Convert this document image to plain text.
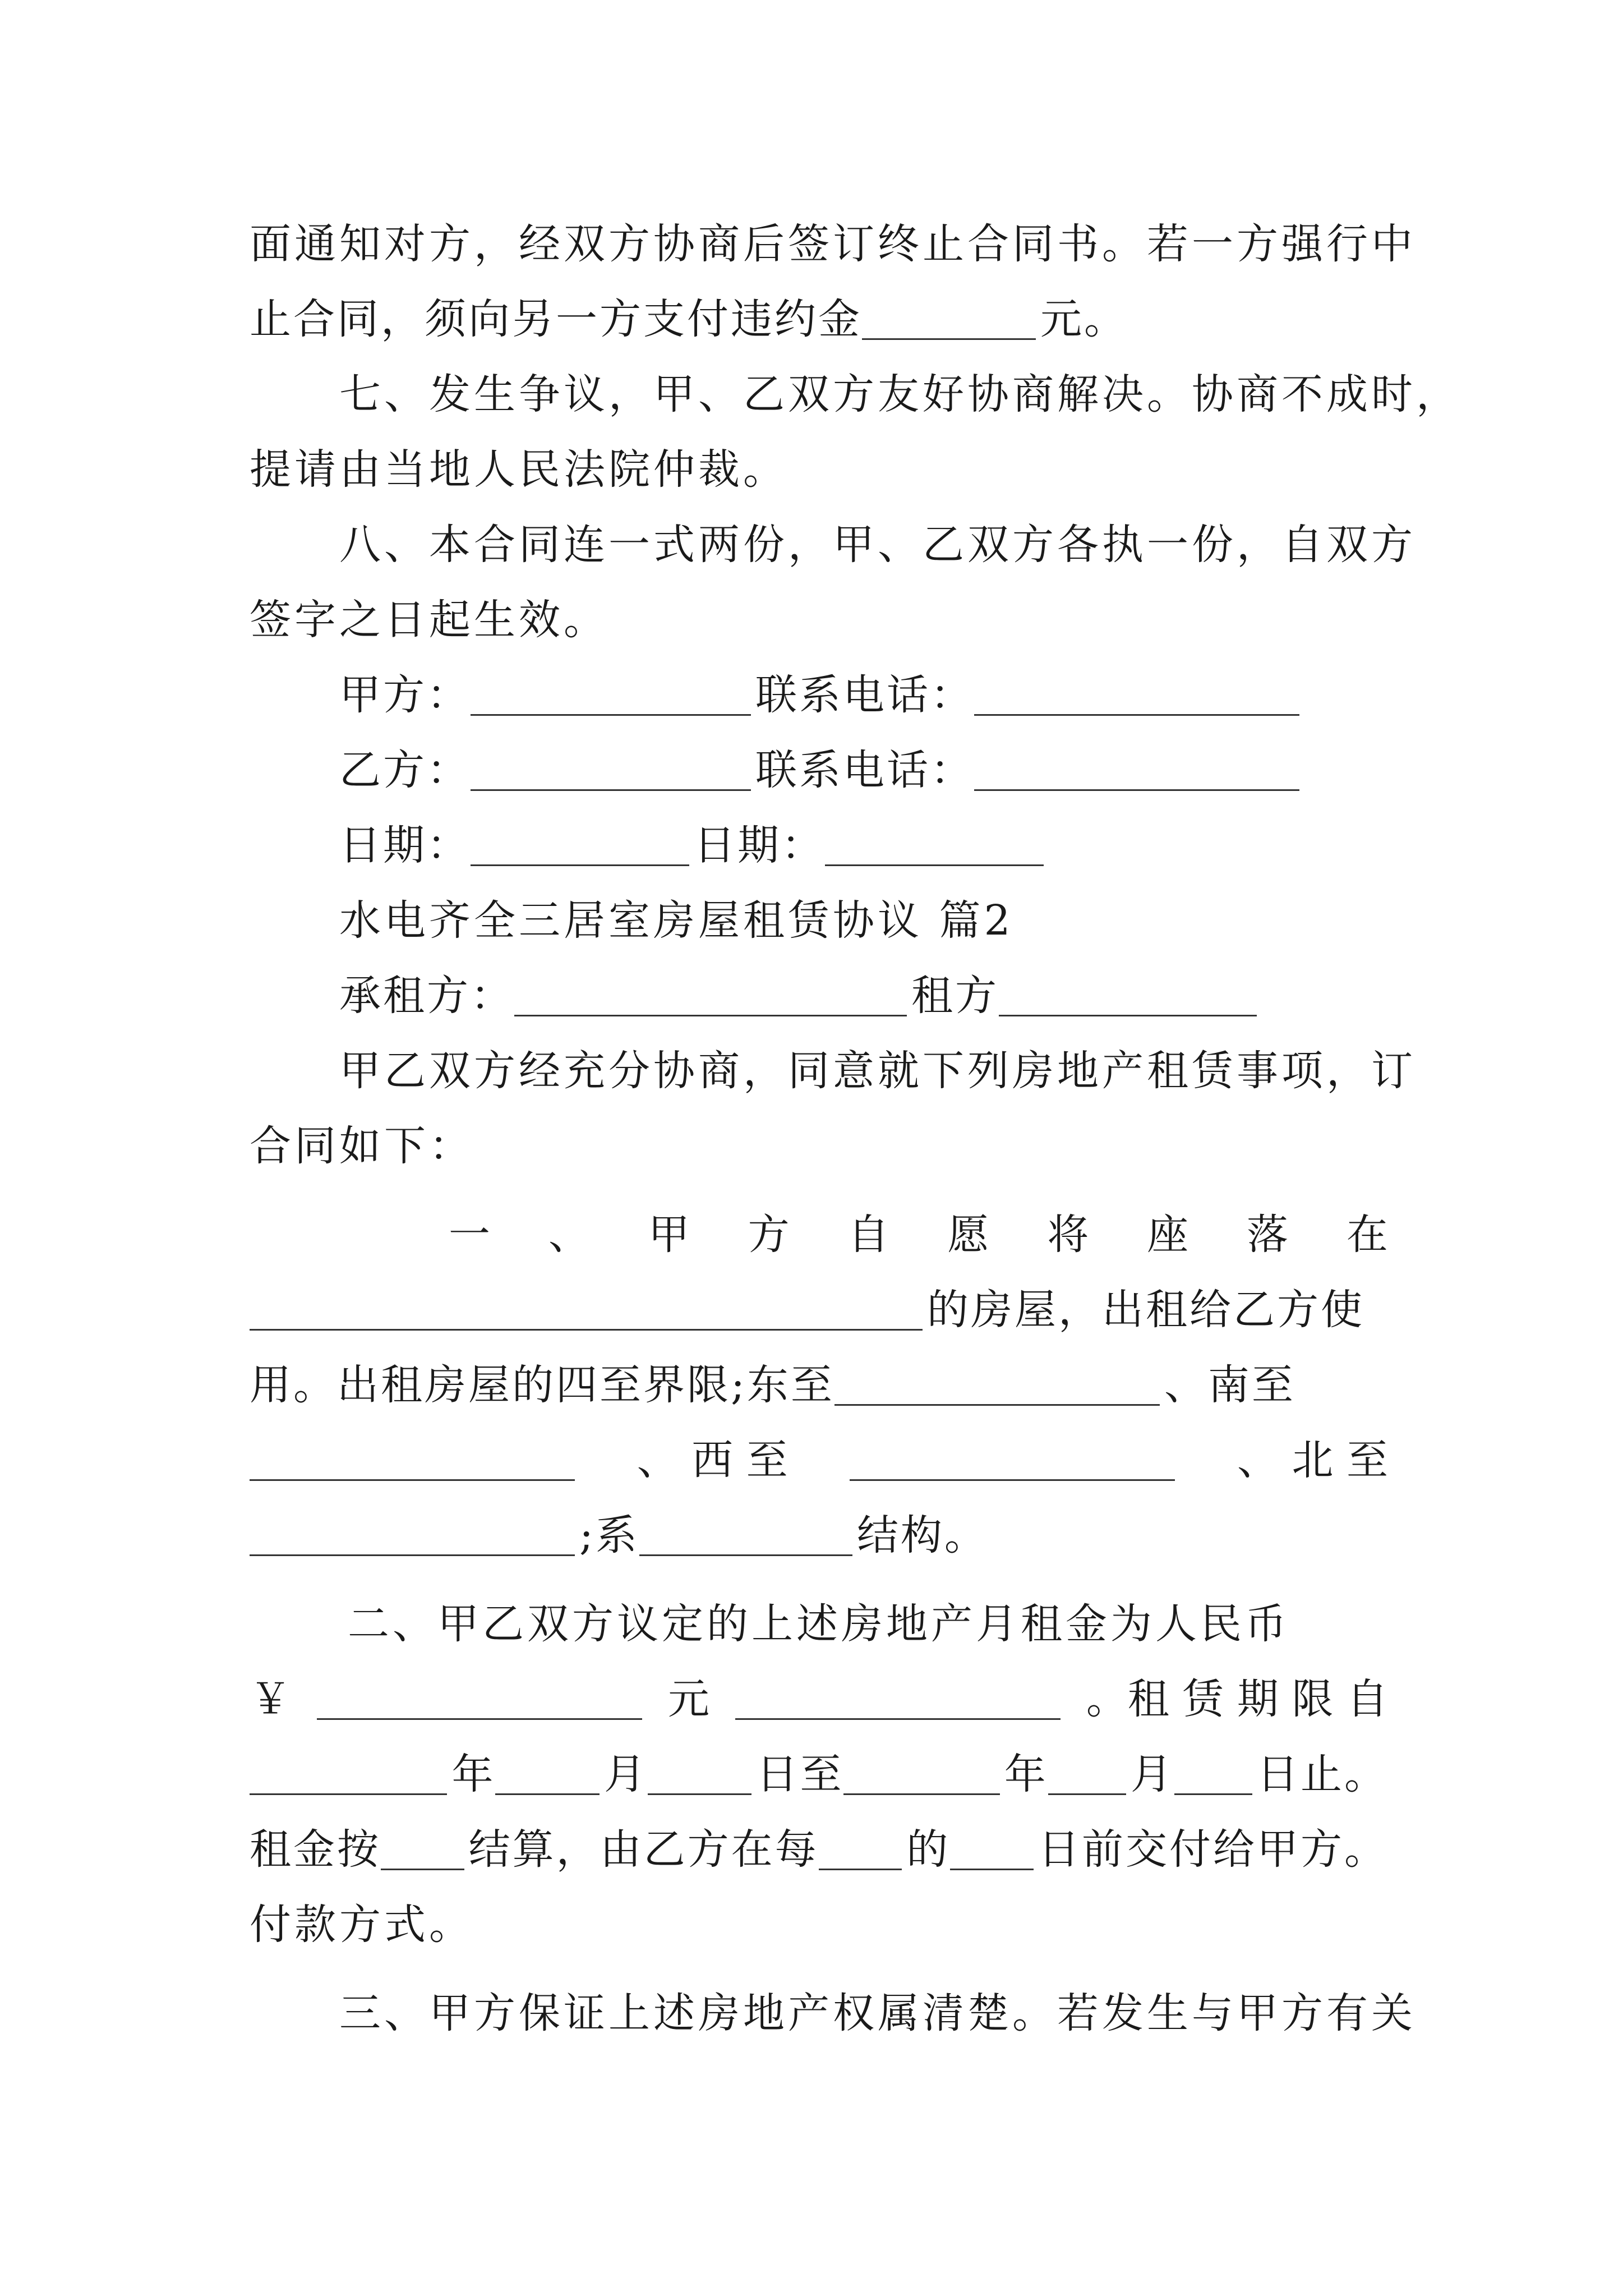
面通知对方，经双方协商后签订终止合同书。若一方强行中
止合同，须向另一方支付违约金	元。
七、发生争议，甲、乙双方友好协商解决。协商不成时，
提请由当地人民法院仲裁。
八、本合同连一式两份，甲、乙双方各执一份，自双方
签字之日起生效。
甲方：	联系电话：
乙方：	联系电话：
日期：	日期：
水电齐全三居室房屋租赁协议 篇2
承租方：	租方
甲乙双方经充分协商，同意就下列房地产租赁事项，订
合同如下：
一 、 甲 方 自 愿 将 座 落 在
的房屋，出租给乙方使
用。出租房屋的四至界限;东至	、南至
、 西 至	、 北 至
;系	结构。
二、甲乙双方议定的上述房地产月租金为人民币
￥	元	。租 赁 期 限 自
年	月	日至	年 月 日止。
租金按 结算，由乙方在每 的 日前交付给甲方。
付款方式。
三、甲方保证上述房地产权属清楚。若发生与甲方有关
